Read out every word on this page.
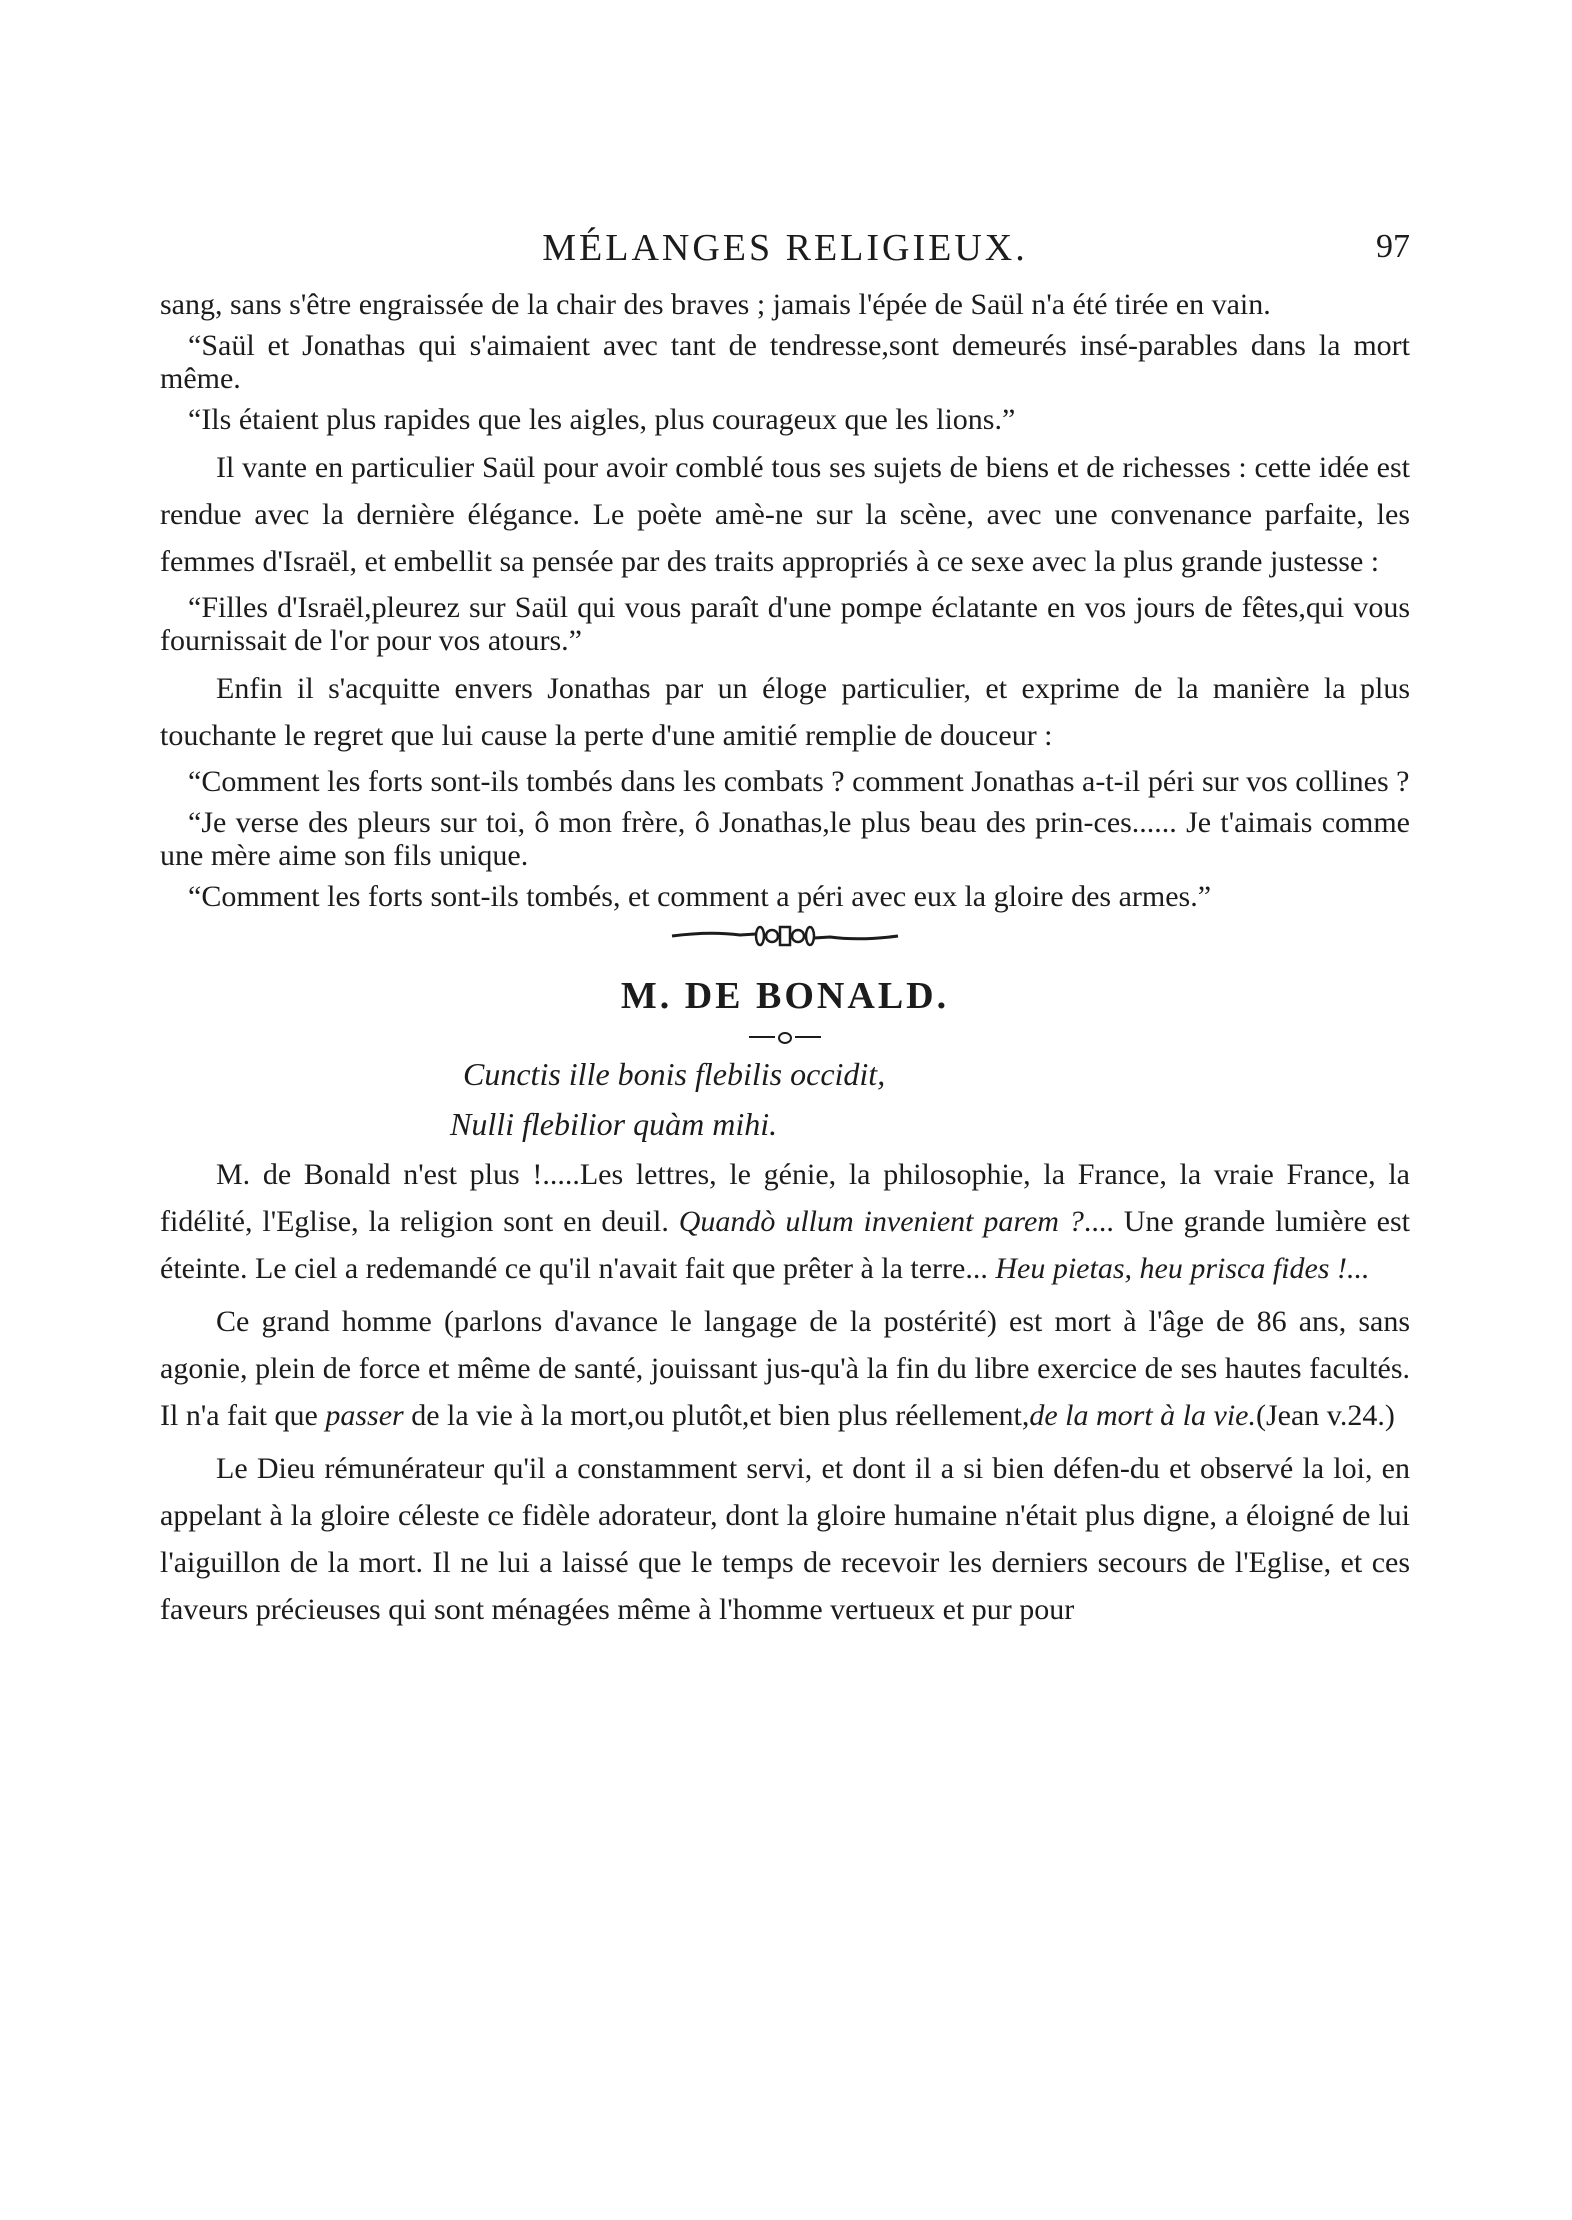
MÉLANGES RELIGIEUX.	97

sang, sans s'être engraissée de la chair des braves ; jamais l'épée de Saül n'a été tirée en vain.

“Saül et Jonathas qui s'aimaient avec tant de tendresse,sont demeurés insé-parables dans la mort même.

“Ils étaient plus rapides que les aigles, plus courageux que les lions.”

Il vante en particulier Saül pour avoir comblé tous ses sujets de biens et de richesses : cette idée est rendue avec la dernière élégance. Le poète amè-ne sur la scène, avec une convenance parfaite, les femmes d'Israël, et embellit sa pensée par des traits appropriés à ce sexe avec la plus grande justesse :

“Filles d'Israël,pleurez sur Saül qui vous paraît d'une pompe éclatante en vos jours de fêtes,qui vous fournissait de l'or pour vos atours.”

Enfin il s'acquitte envers Jonathas par un éloge particulier, et exprime de la manière la plus touchante le regret que lui cause la perte d'une amitié remplie de douceur :

“Comment les forts sont-ils tombés dans les combats ? comment Jonathas a-t-il péri sur vos collines ?

“Je verse des pleurs sur toi, ô mon frère, ô Jonathas,le plus beau des prin-ces...... Je t'aimais comme une mère aime son fils unique.

“Comment les forts sont-ils tombés, et comment a péri avec eux la gloire des armes.”

M. DE BONALD.

Cunctis ille bonis flebilis occidit,

Nulli flebilior quàm mihi.

M. de Bonald n'est plus !.....Les lettres, le génie, la philosophie, la France, la vraie France, la fidélité, l'Eglise, la religion sont en deuil. Quandò ullum invenient parem ?.... Une grande lumière est éteinte. Le ciel a redemandé ce qu'il n'avait fait que prêter à la terre... Heu pietas, heu prisca fides !...

Ce grand homme (parlons d'avance le langage de la postérité) est mort à l'âge de 86 ans, sans agonie, plein de force et même de santé, jouissant jus-qu'à la fin du libre exercice de ses hautes facultés. Il n'a fait que passer de la vie à la mort,ou plutôt,et bien plus réellement,de la mort à la vie.(Jean v.24.)

Le Dieu rémunérateur qu'il a constamment servi, et dont il a si bien défen-du et observé la loi, en appelant à la gloire céleste ce fidèle adorateur, dont la gloire humaine n'était plus digne, a éloigné de lui l'aiguillon de la mort. Il ne lui a laissé que le temps de recevoir les derniers secours de l'Eglise, et ces faveurs précieuses qui sont ménagées même à l'homme vertueux et pur pour
